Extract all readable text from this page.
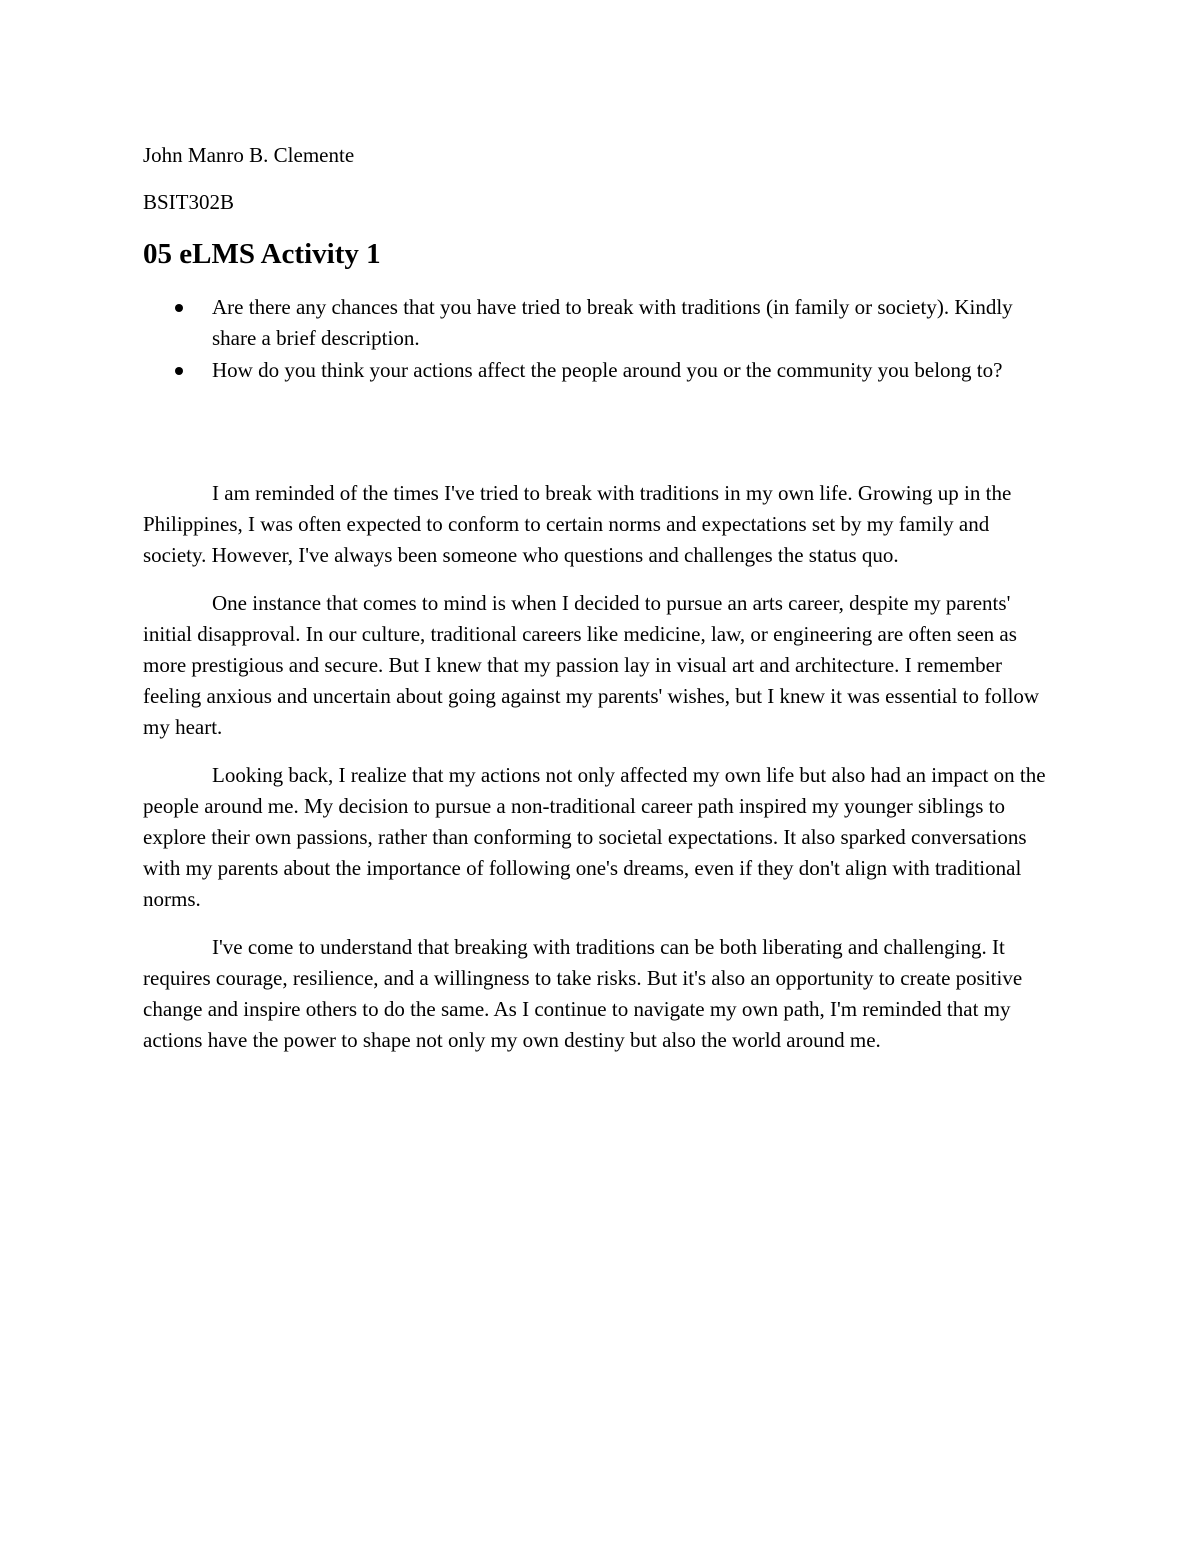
John Manro B. Clemente
BSIT302B
05 eLMS Activity 1
Are there any chances that you have tried to break with traditions (in family or society). Kindly share a brief description.
How do you think your actions affect the people around you or the community you belong to?

I am reminded of the times I've tried to break with traditions in my own life. Growing up in the Philippines, I was often expected to conform to certain norms and expectations set by my family and society. However, I've always been someone who questions and challenges the status quo.

One instance that comes to mind is when I decided to pursue an arts career, despite my parents' initial disapproval. In our culture, traditional careers like medicine, law, or engineering are often seen as more prestigious and secure. But I knew that my passion lay in visual art and architecture. I remember feeling anxious and uncertain about going against my parents' wishes, but I knew it was essential to follow my heart.

Looking back, I realize that my actions not only affected my own life but also had an impact on the people around me. My decision to pursue a non-traditional career path inspired my younger siblings to explore their own passions, rather than conforming to societal expectations. It also sparked conversations with my parents about the importance of following one's dreams, even if they don't align with traditional norms.

I've come to understand that breaking with traditions can be both liberating and challenging. It requires courage, resilience, and a willingness to take risks. But it's also an opportunity to create positive change and inspire others to do the same. As I continue to navigate my own path, I'm reminded that my actions have the power to shape not only my own destiny but also the world around me.
